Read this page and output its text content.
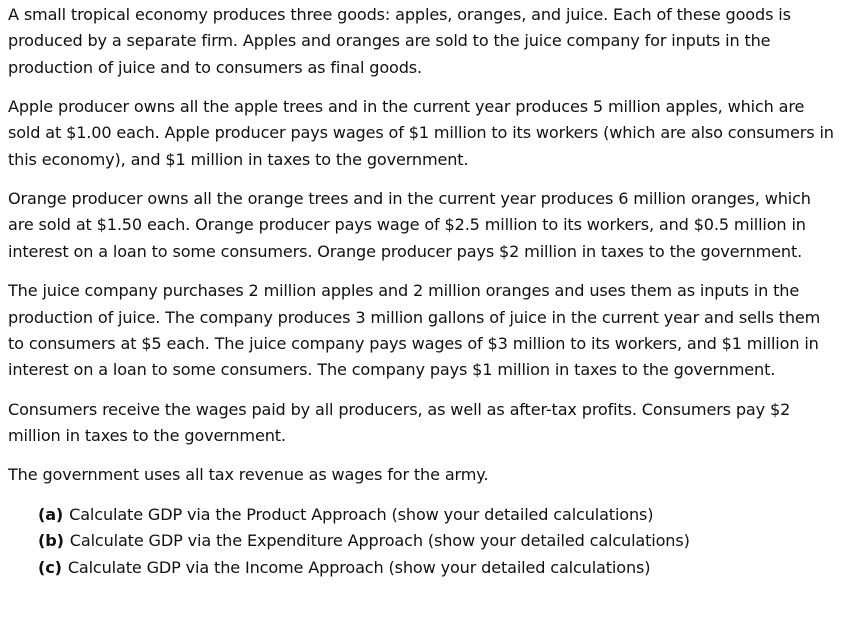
A small tropical economy produces three goods: apples, oranges, and juice. Each of these goods is produced by a separate firm. Apples and oranges are sold to the juice company for inputs in the production of juice and to consumers as final goods.

Apple producer owns all the apple trees and in the current year produces 5 million apples, which are sold at $1.00 each. Apple producer pays wages of $1 million to its workers (which are also consumers in this economy), and $1 million in taxes to the government.

Orange producer owns all the orange trees and in the current year produces 6 million oranges, which are sold at $1.50 each. Orange producer pays wage of $2.5 million to its workers, and $0.5 million in interest on a loan to some consumers. Orange producer pays $2 million in taxes to the government.

The juice company purchases 2 million apples and 2 million oranges and uses them as inputs in the production of juice. The company produces 3 million gallons of juice in the current year and sells them to consumers at $5 each. The juice company pays wages of $3 million to its workers, and $1 million in interest on a loan to some consumers. The company pays $1 million in taxes to the government.

Consumers receive the wages paid by all producers, as well as after-tax profits. Consumers pay $2 million in taxes to the government.

The government uses all tax revenue as wages for the army.

(a) Calculate GDP via the Product Approach (show your detailed calculations)
(b) Calculate GDP via the Expenditure Approach (show your detailed calculations)
(c) Calculate GDP via the Income Approach (show your detailed calculations)
